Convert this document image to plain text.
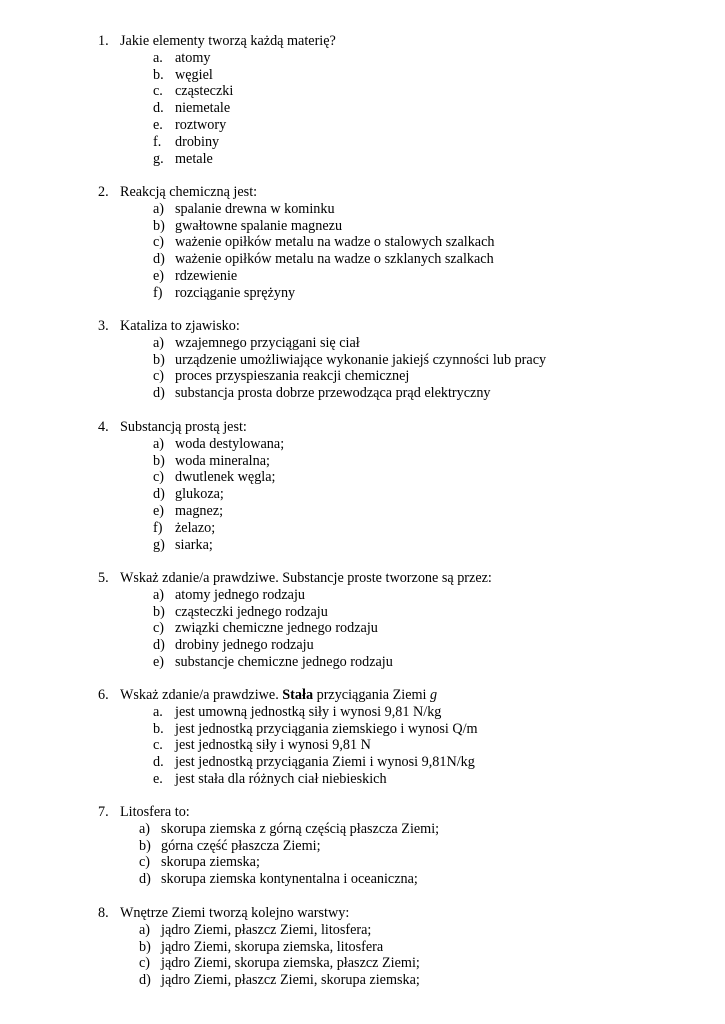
1. Jakie elementy tworzą każdą materię?
a. atomy
b. węgiel
c. cząsteczki
d. niemetale
e. roztwory
f. drobiny
g. metale
2. Reakcją chemiczną jest:
a) spalanie drewna w kominku
b) gwałtowne spalanie magnezu
c) ważenie opiłków metalu na wadze o stalowych szalkach
d) ważenie opiłków metalu na wadze o szklanych szalkach
e) rdzewienie
f) rozciąganie sprężyny
3. Kataliza to zjawisko:
a) wzajemnego przyciągani się ciał
b) urządzenie umożliwiające wykonanie jakiejś czynności lub pracy
c) proces przyspieszania reakcji chemicznej
d) substancja prosta dobrze przewodząca prąd elektryczny
4. Substancją prostą jest:
a) woda destylowana;
b) woda mineralna;
c) dwutlenek węgla;
d) glukoza;
e) magnez;
f) żelazo;
g) siarka;
5. Wskaż zdanie/a prawdziwe. Substancje proste tworzone są przez:
a) atomy jednego rodzaju
b) cząsteczki jednego rodzaju
c) związki chemiczne jednego rodzaju
d) drobiny jednego rodzaju
e) substancje chemiczne jednego rodzaju
6. Wskaż zdanie/a prawdziwe. Stała przyciągania Ziemi g
a. jest umowną jednostką siły i wynosi 9,81 N/kg
b. jest jednostką przyciągania ziemskiego i wynosi Q/m
c. jest jednostką siły i wynosi 9,81 N
d. jest jednostką przyciągania Ziemi i wynosi 9,81N/kg
e. jest stała dla różnych ciał niebieskich
7. Litosfera to:
a) skorupa ziemska z górną częścią płaszcza Ziemi;
b) górna część płaszcza Ziemi;
c) skorupa ziemska;
d) skorupa ziemska kontynentalna i oceaniczna;
8. Wnętrze Ziemi tworzą kolejno warstwy:
a) jądro Ziemi, płaszcz Ziemi, litosfera;
b) jądro Ziemi, skorupa ziemska, litosfera
c) jądro Ziemi, skorupa ziemska, płaszcz Ziemi;
d) jądro Ziemi, płaszcz Ziemi, skorupa ziemska;
